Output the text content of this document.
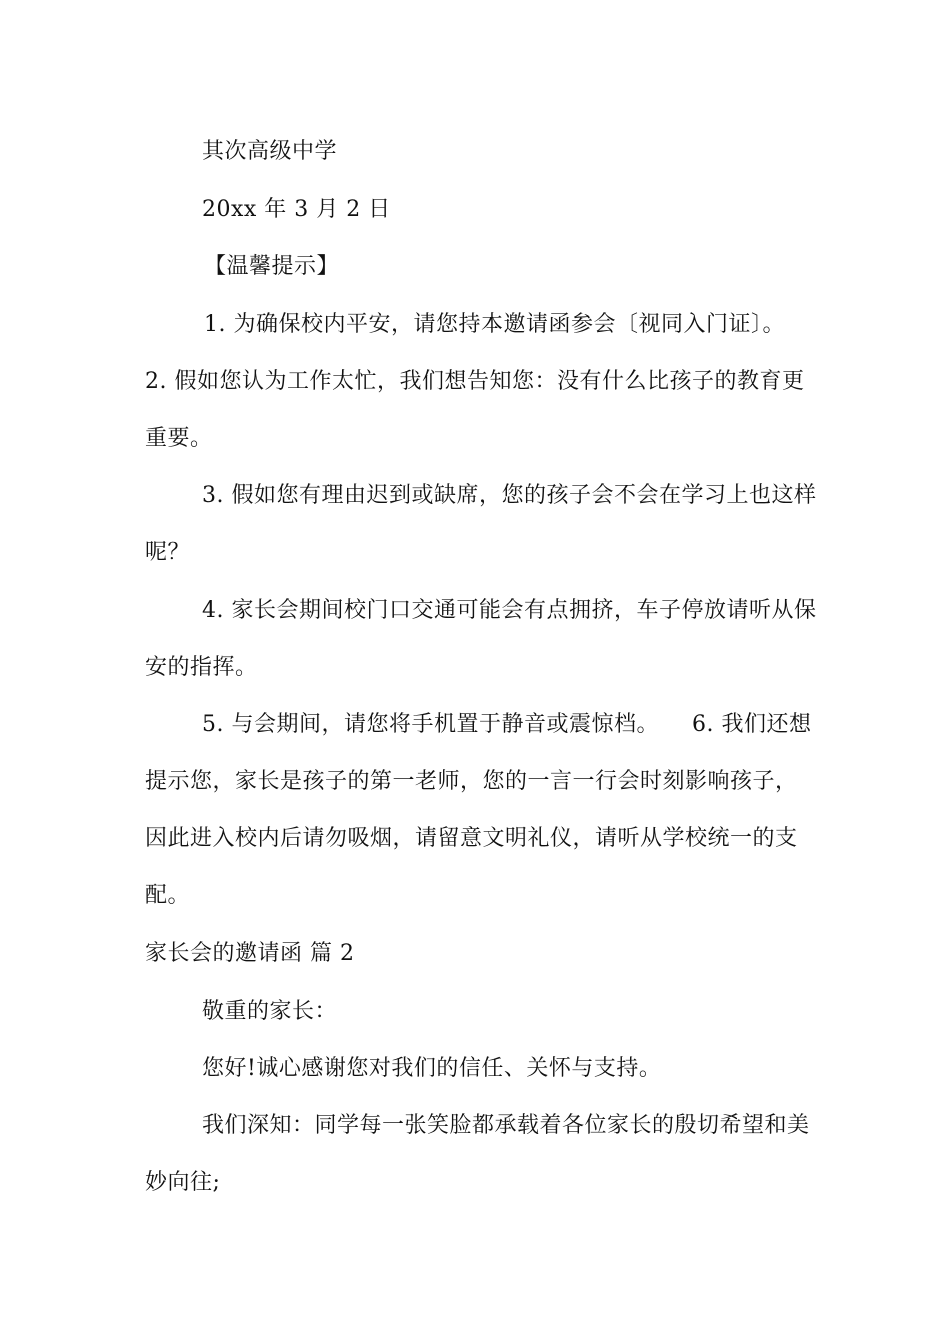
其次高级中学
20xx 年 3 月 2 日
【温馨提示】
1. 为确保校内平安，请您持本邀请函参会〔视同入门证〕。
2. 假如您认为工作太忙，我们想告知您：没有什么比孩子的教育更
重要。
3. 假如您有理由迟到或缺席，您的孩子会不会在学习上也这样
呢？
4. 家长会期间校门口交通可能会有点拥挤，车子停放请听从保
安的指挥。
5. 与会期间，请您将手机置于静音或震惊档。 6. 我们还想
提示您，家长是孩子的第一老师，您的一言一行会时刻影响孩子，
因此进入校内后请勿吸烟，请留意文明礼仪，请听从学校统一的支
配。
家长会的邀请函 篇 2
敬重的家长：
您好!诚心感谢您对我们的信任、关怀与支持。
我们深知：同学每一张笑脸都承载着各位家长的殷切希望和美
妙向往;
